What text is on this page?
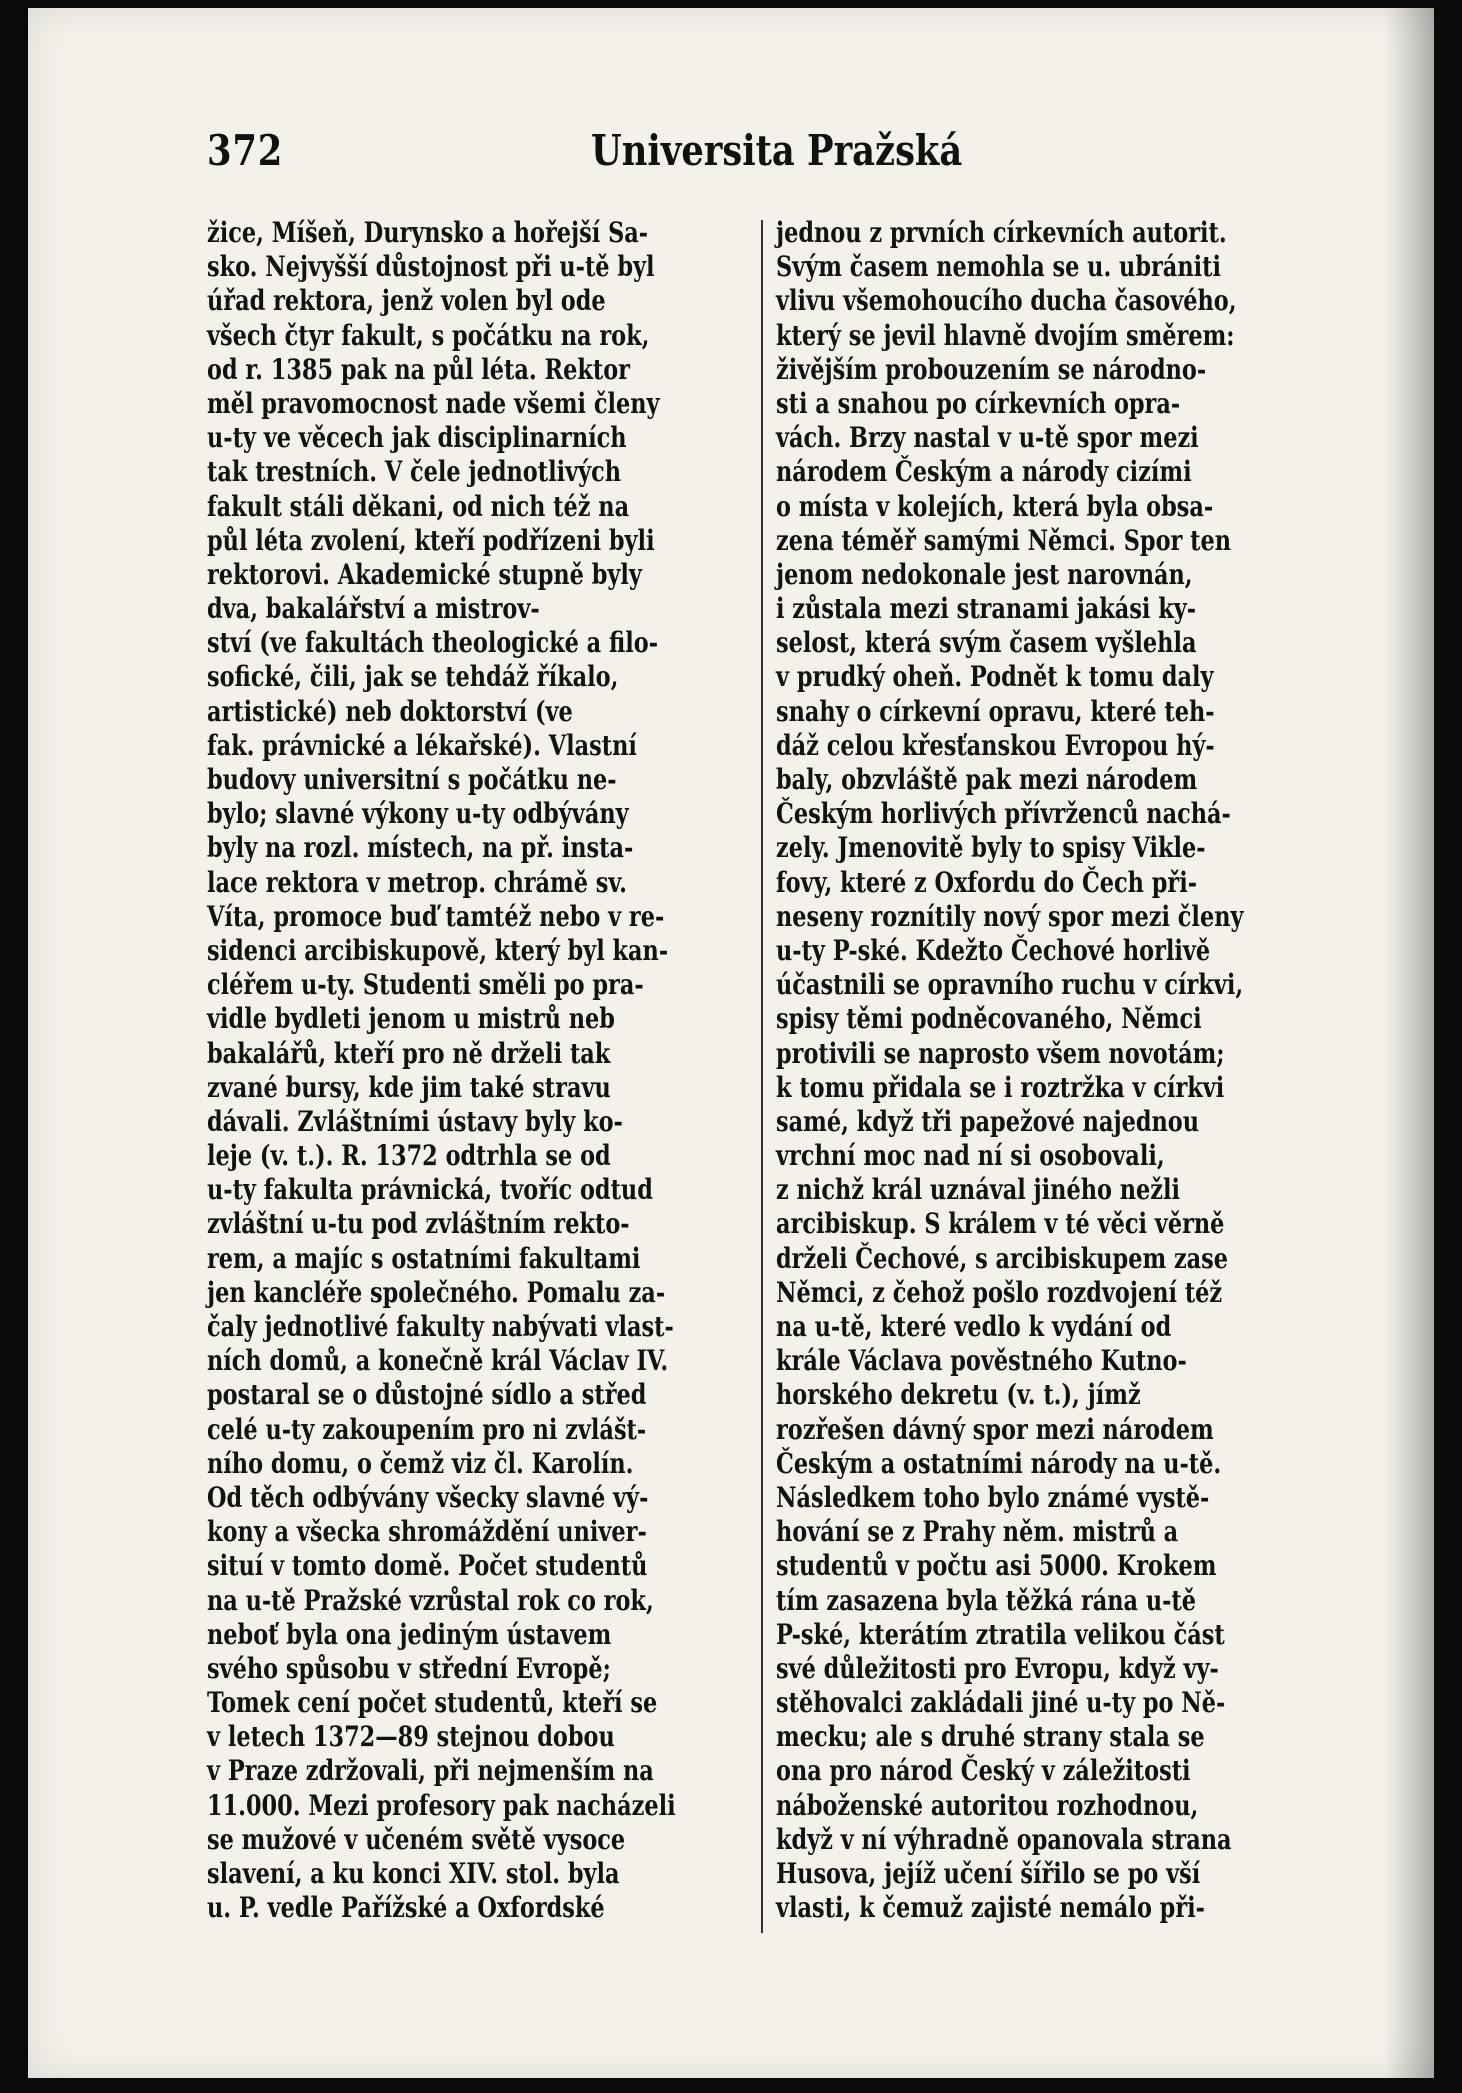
372	Universita Pražská
žice, Míšeň, Durynsko a hořejší Sa-
sko. Nejvyšší důstojnost při u-tě byl
úřad rektora, jenž volen byl ode
všech čtyr fakult, s počátku na rok,
od r. 1385 pak na půl léta. Rektor
měl pravomocnost nade všemi členy
u-ty ve věcech jak disciplinarních
tak trestních. V čele jednotlivých
fakult stáli děkani, od nich též na
půl léta zvolení, kteří podřízeni byli
rektorovi. Akademické stupně byly
dva, bakalářství a mistrov-
ství (ve fakultách theologické a filo-
sofické, čili, jak se tehdáž říkalo,
artistické) neb doktorství (ve
fak. právnické a lékařské). Vlastní
budovy universitní s počátku ne-
bylo; slavné výkony u-ty odbývány
byly na rozl. místech, na př. insta-
lace rektora v metrop. chrámě sv.
Víta, promoce buď tamtéž nebo v re-
sidenci arcibiskupově, který byl kan-
cléřem u-ty. Studenti směli po pra-
vidle bydleti jenom u mistrů neb
bakalářů, kteří pro ně drželi tak
zvané bursy, kde jim také stravu
dávali. Zvláštními ústavy byly ko-
leje (v. t.). R. 1372 odtrhla se od
u-ty fakulta právnická, tvoříc odtud
zvláštní u-tu pod zvláštním rekto-
rem, a majíc s ostatními fakultami
jen kancléře společného. Pomalu za-
čaly jednotlivé fakulty nabývati vlast-
ních domů, a konečně král Václav IV.
postaral se o důstojné sídlo a střed
celé u-ty zakoupením pro ni zvlášt-
ního domu, o čemž viz čl. Karolín.
Od těch odbývány všecky slavné vý-
kony a všecka shromáždění univer-
situí v tomto domě. Počet studentů
na u-tě Pražské vzrůstal rok co rok,
neboť byla ona jediným ústavem
svého spůsobu v střední Evropě;
Tomek cení počet studentů, kteří se
v letech 1372—89 stejnou dobou
v Praze zdržovali, při nejmenším na
11.000. Mezi profesory pak nacházeli
se mužové v učeném světě vysoce
slavení, a ku konci XIV. stol. byla
u. P. vedle Pařížské a Oxfordské
jednou z prvních církevních autorit.
Svým časem nemohla se u. ubrániti
vlivu všemohoucího ducha časového,
který se jevil hlavně dvojím směrem:
živějším probouzením se národno-
sti a snahou po církevních opra-
vách. Brzy nastal v u-tě spor mezi
národem Českým a národy cizími
o místa v kolejích, která byla obsa-
zena téměř samými Němci. Spor ten
jenom nedokonale jest narovnán,
i zůstala mezi stranami jakási ky-
selost, která svým časem vyšlehla
v prudký oheň. Podnět k tomu daly
snahy o církevní opravu, které teh-
dáž celou křesťanskou Evropou hý-
baly, obzvláště pak mezi národem
Českým horlivých přívrženců nachá-
zely. Jmenovitě byly to spisy Vikle-
fovy, které z Oxfordu do Čech při-
neseny roznítily nový spor mezi členy
u-ty P-ské. Kdežto Čechové horlivě
účastnili se opravního ruchu v církvi,
spisy těmi podněcovaného, Němci
protivili se naprosto všem novotám;
k tomu přidala se i roztržka v církvi
samé, když tři papežové najednou
vrchní moc nad ní si osobovali,
z nichž král uznával jiného nežli
arcibiskup. S králem v té věci věrně
drželi Čechové, s arcibiskupem zase
Němci, z čehož pošlo rozdvojení též
na u-tě, které vedlo k vydání od
krále Václava pověstného Kutno-
horského dekretu (v. t.), jímž
rozřešen dávný spor mezi národem
Českým a ostatními národy na u-tě.
Následkem toho bylo známé vystě-
hování se z Prahy něm. mistrů a
studentů v počtu asi 5000. Krokem
tím zasazena byla těžká rána u-tě
P-ské, kterátím ztratila velikou část
své důležitosti pro Evropu, když vy-
stěhovalci zakládali jiné u-ty po Ně-
mecku; ale s druhé strany stala se
ona pro národ Český v záležitosti
náboženské autoritou rozhodnou,
když v ní výhradně opanovala strana
Husova, jejíž učení šířilo se po vší
vlasti, k čemuž zajisté nemálo při-
